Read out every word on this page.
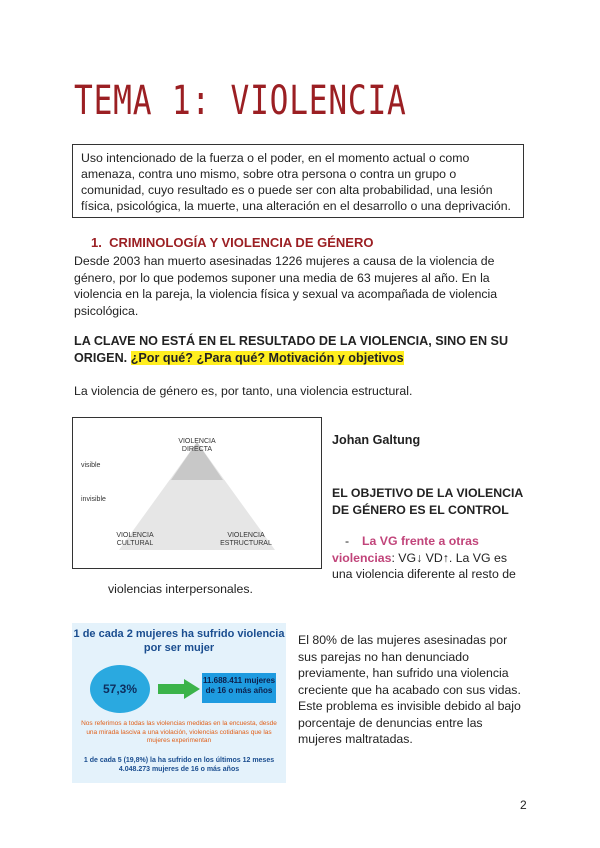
TEMA 1: VIOLENCIA
Uso intencionado de la fuerza o el poder, en el momento actual o como amenaza, contra uno mismo, sobre otra persona o contra un grupo o comunidad, cuyo resultado es o puede ser con alta probabilidad, una lesión física, psicológica, la muerte, una alteración en el desarrollo o una deprivación.
1. CRIMINOLOGÍA Y VIOLENCIA DE GÉNERO
Desde 2003 han muerto asesinadas 1226 mujeres a causa de la violencia de género, por lo que podemos suponer una media de 63 mujeres al año. En la violencia en la pareja, la violencia física y sexual va acompañada de violencia psicológica.
LA CLAVE NO ESTÁ EN EL RESULTADO DE LA VIOLENCIA, SINO EN SU
ORIGEN. ¿Por qué? ¿Para qué? Motivación y objetivos
La violencia de género es, por tanto, una violencia estructural.
VIOLENCIA DIRECTA
visible
invisible
VIOLENCIA CULTURAL
VIOLENCIA ESTRUCTURAL
Johan Galtung
EL OBJETIVO DE LA VIOLENCIA DE GÉNERO ES EL CONTROL
- La VG frente a otras violencias: VG↓ VD↑. La VG es
una violencia diferente al resto de
violencias interpersonales.
1 de cada 2 mujeres ha sufrido violencia por ser mujer
57,3%
11.688.411 mujeres de 16 o más años
Nos referimos a todas las violencias medidas en la encuesta, desde una mirada lasciva a una violación, violencias cotidianas que las mujeres experimentan
1 de cada 5 (19,8%) la ha sufrido en los últimos 12 meses
4.048.273 mujeres de 16 o más años
El 80% de las mujeres asesinadas por sus parejas no han denunciado previamente, han sufrido una violencia creciente que ha acabado con sus vidas. Este problema es invisible debido al bajo porcentaje de denuncias entre las mujeres maltratadas.
2
